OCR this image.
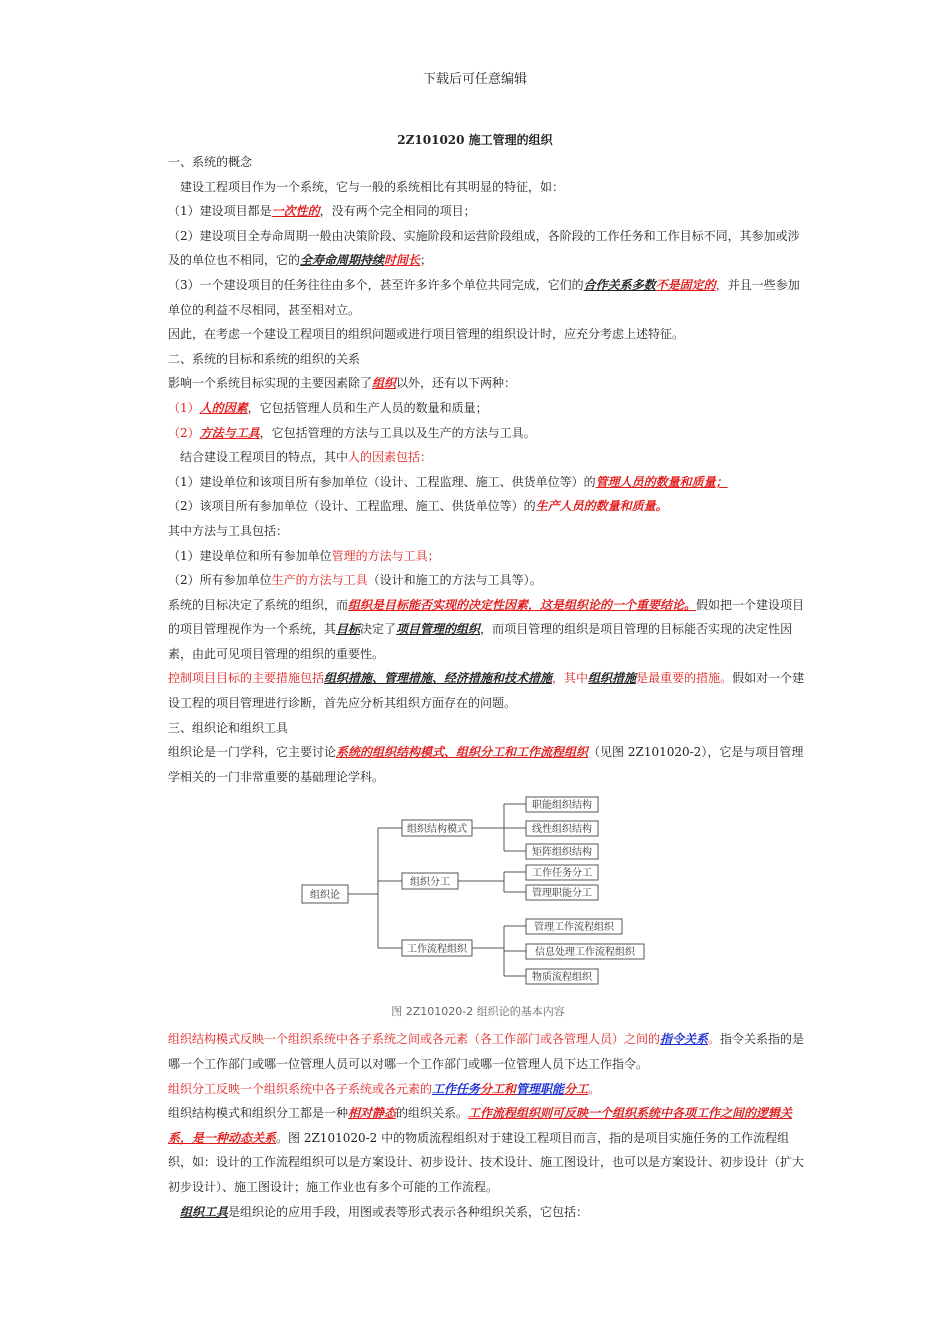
下载后可任意编辑
2Z101020 施工管理的组织

一、系统的概念

建设工程项目作为一个系统，它与一般的系统相比有其明显的特征，如：

（1）建设项目都是一次性的，没有两个完全相同的项目；

（2）建设项目全寿命周期一般由决策阶段、实施阶段和运营阶段组成，各阶段的工作任务和工作目标不同，其参加或涉及的单位也不相同，它的全寿命周期持续时间长；

（3）一个建设项目的任务往往由多个，甚至许多许多个单位共同完成，它们的合作关系多数不是固定的，并且一些参加单位的利益不尽相同，甚至相对立。

因此，在考虑一个建设工程项目的组织问题或进行项目管理的组织设计时，应充分考虑上述特征。

二、系统的目标和系统的组织的关系

影响一个系统目标实现的主要因素除了组织以外，还有以下两种：

（1）人的因素，它包括管理人员和生产人员的数量和质量；

（2）方法与工具，它包括管理的方法与工具以及生产的方法与工具。

结合建设工程项目的特点，其中人的因素包括：

（1）建设单位和该项目所有参加单位（设计、工程监理、施工、供货单位等）的管理人员的数量和质量；

（2）该项目所有参加单位（设计、工程监理、施工、供货单位等）的生产人员的数量和质量。

其中方法与工具包括：

（1）建设单位和所有参加单位管理的方法与工具；

（2）所有参加单位生产的方法与工具（设计和施工的方法与工具等）。

系统的目标决定了系统的组织，而组织是目标能否实现的决定性因素，这是组织论的一个重要结论。假如把一个建设项目的项目管理视作为一个系统，其目标决定了项目管理的组织，而项目管理的组织是项目管理的目标能否实现的决定性因素，由此可见项目管理的组织的重要性。

控制项目目标的主要措施包括组织措施、管理措施、经济措施和技术措施，其中组织措施是最重要的措施。假如对一个建设工程的项目管理进行诊断，首先应分析其组织方面存在的问题。

三、组织论和组织工具

组织论是一门学科，它主要讨论系统的组织结构模式、组织分工和工作流程组织（见图 2Z101020-2），它是与项目管理学相关的一门非常重要的基础理论学科。

组织论
组织结构模式
组织分工
工作流程组织
职能组织结构
线性组织结构
矩阵组织结构
工作任务分工
管理职能分工
管理工作流程组织
信息处理工作流程组织
物质流程组织
图 2Z101020-2 组织论的基本内容

组织结构模式反映一个组织系统中各子系统之间或各元素（各工作部门或各管理人员）之间的指令关系。指令关系指的是哪一个工作部门或哪一位管理人员可以对哪一个工作部门或哪一位管理人员下达工作指令。

组织分工反映一个组织系统中各子系统或各元素的工作任务分工和管理职能分工。

组织结构模式和组织分工都是一种相对静态的组织关系。工作流程组织则可反映一个组织系统中各项工作之间的逻辑关系，是一种动态关系。图 2Z101020-2 中的物质流程组织对于建设工程项目而言，指的是项目实施任务的工作流程组织，如：设计的工作流程组织可以是方案设计、初步设计、技术设计、施工图设计，也可以是方案设计、初步设计（扩大初步设计）、施工图设计；施工作业也有多个可能的工作流程。

组织工具是组织论的应用手段，用图或表等形式表示各种组织关系，它包括：
